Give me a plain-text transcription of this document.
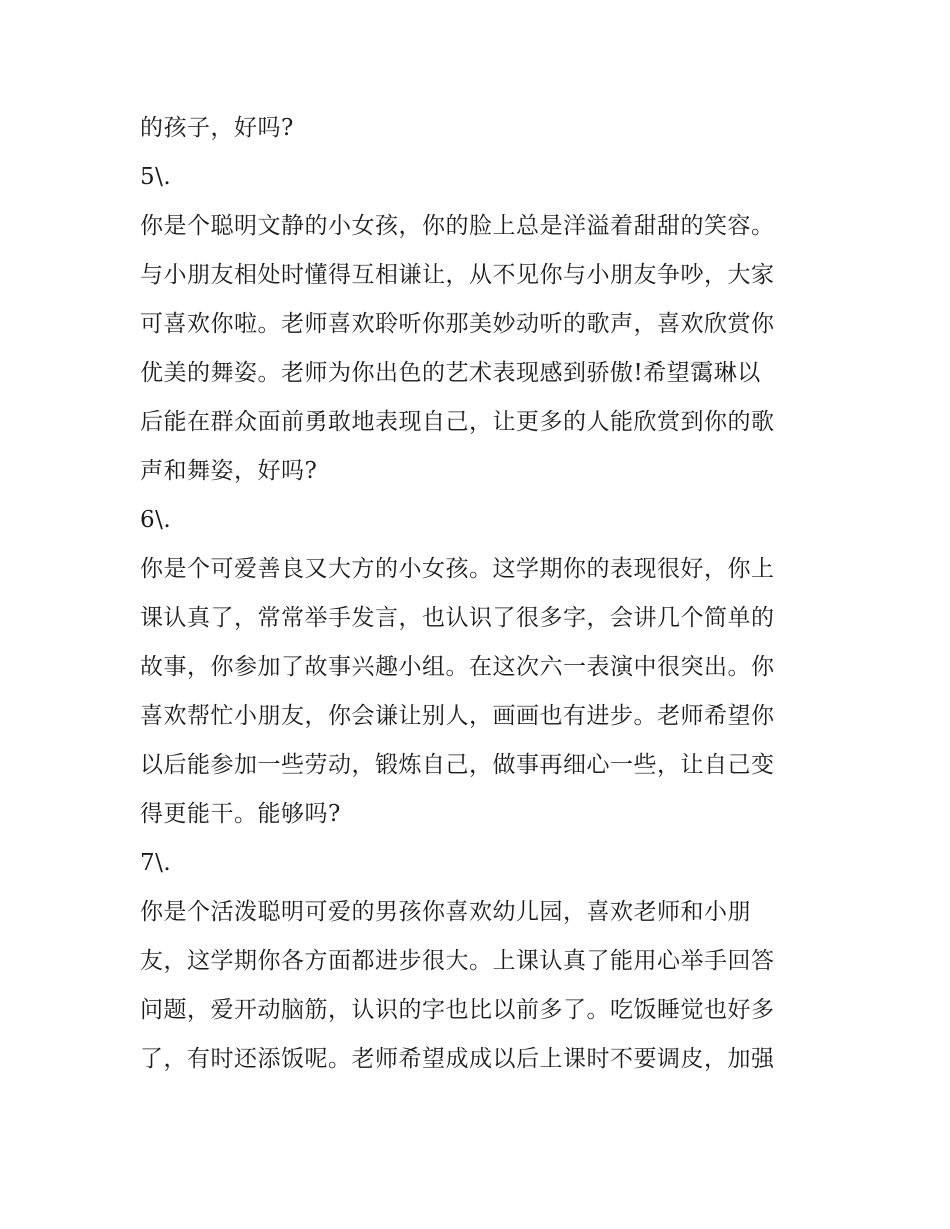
的孩子，好吗?
5\.
你是个聪明文静的小女孩，你的脸上总是洋溢着甜甜的笑容。
与小朋友相处时懂得互相谦让，从不见你与小朋友争吵，大家
可喜欢你啦。老师喜欢聆听你那美妙动听的歌声，喜欢欣赏你
优美的舞姿。老师为你出色的艺术表现感到骄傲!希望霭琳以
后能在群众面前勇敢地表现自己，让更多的人能欣赏到你的歌
声和舞姿，好吗?
6\.
你是个可爱善良又大方的小女孩。这学期你的表现很好，你上
课认真了，常常举手发言，也认识了很多字，会讲几个简单的
故事，你参加了故事兴趣小组。在这次六一表演中很突出。你
喜欢帮忙小朋友，你会谦让别人，画画也有进步。老师希望你
以后能参加一些劳动，锻炼自己，做事再细心一些，让自己变
得更能干。能够吗?
7\.
你是个活泼聪明可爱的男孩你喜欢幼儿园，喜欢老师和小朋
友，这学期你各方面都进步很大。上课认真了能用心举手回答
问题，爱开动脑筋，认识的字也比以前多了。吃饭睡觉也好多
了，有时还添饭呢。老师希望成成以后上课时不要调皮，加强
